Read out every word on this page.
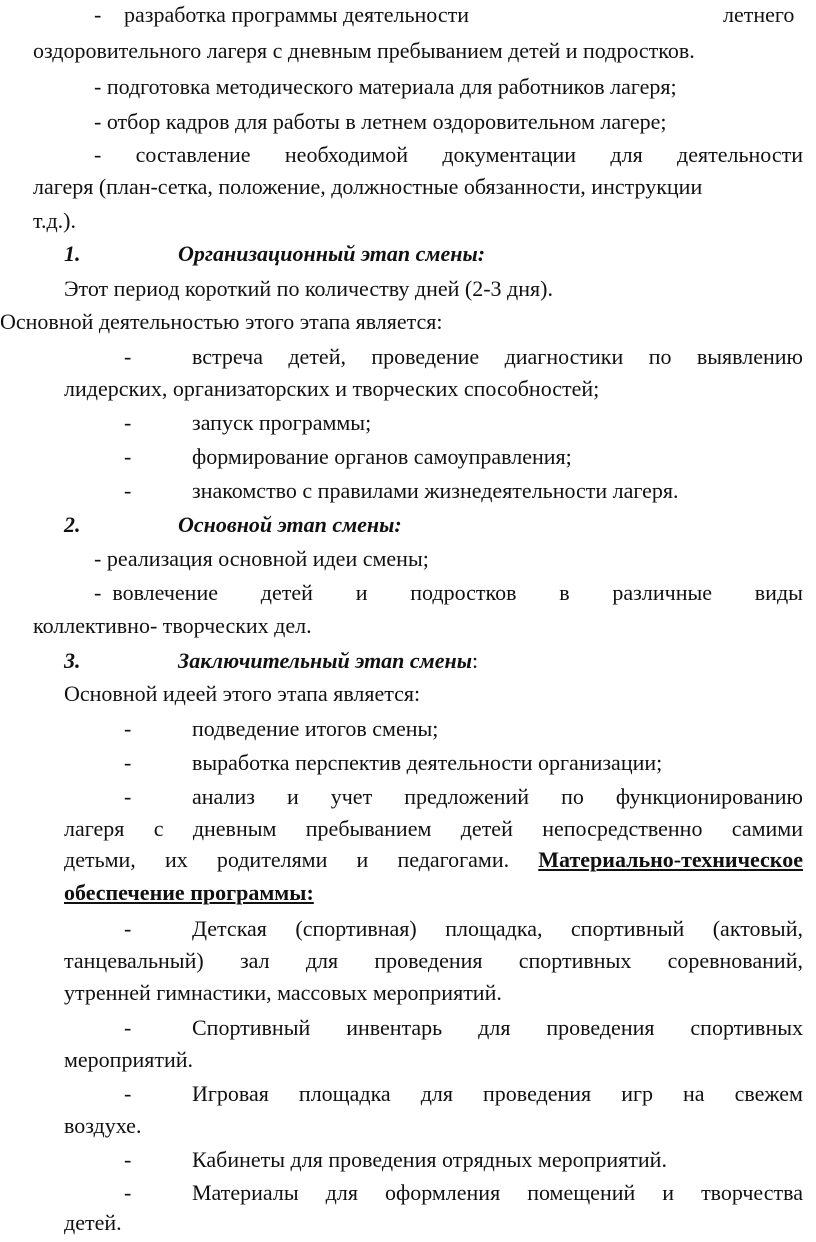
- разработка программы деятельности	летнего
оздоровительного лагеря с дневным пребыванием детей и подростков.
- подготовка методического материала для работников лагеря;
- отбор кадров для работы в летнем оздоровительном лагере;
- составление необходимой документации для деятельности
лагеря (план-сетка, положение, должностные обязанности, инструкции
т.д.).
1.	Организационный этап смены:
Этот период короткий по количеству дней (2-3 дня).
Основной деятельностью этого этапа является:
-	встреча детей, проведение диагностики по выявлению
лидерских, организаторских и творческих способностей;
-	запуск программы;
-	формирование органов самоуправления;
-	знакомство с правилами жизнедеятельности лагеря.
2.	Основной этап смены:
- реализация основной идеи смены;
-  вовлечение детей и подростков в различные виды
коллективно- творческих дел.
3.	Заключительный этап смены:
Основной идеей этого этапа является:
-	подведение итогов смены;
-	выработка перспектив деятельности организации;
-	анализ и учет предложений по функционированию
лагеря с дневным пребыванием детей непосредственно самими
детьми, их родителями и педагогами. Материально-техническое
обеспечение программы:
-	Детская (спортивная) площадка, спортивный (актовый,
танцевальный) зал для проведения спортивных соревнований,
утренней гимнастики, массовых мероприятий.
-	Спортивный инвентарь для проведения спортивных
мероприятий.
-	Игровая площадка для проведения игр на свежем
воздухе.
-	Кабинеты для проведения отрядных мероприятий.
-	Материалы для оформления помещений и творчества
детей.
